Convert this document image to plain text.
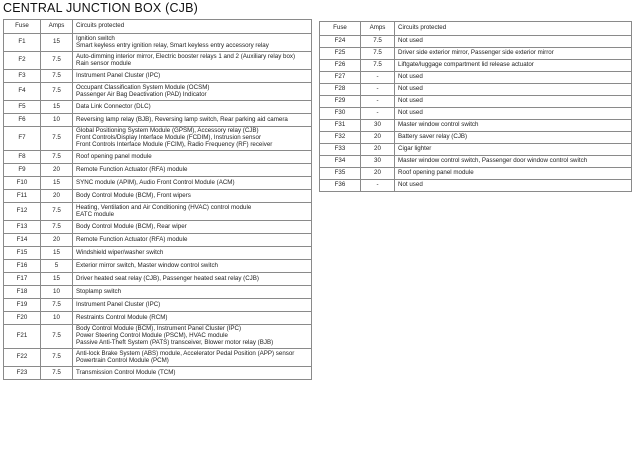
CENTRAL JUNCTION BOX (CJB)
Fuse	Amps	Circuits protected
F1	15	Ignition switch
Smart keyless entry ignition relay, Smart keyless entry accessory relay

F2	7.5	Auto-dimming interior mirror, Electric booster relays 1 and 2 (Auxiliary relay box)
Rain sensor module

F3	7.5	Instrument Panel Cluster (IPC)

F4	7.5	Occupant Classification System Module (OCSM)
Passenger Air Bag Deactivation (PAD) Indicator

F5	15	Data Link Connector (DLC)

F6	10	Reversing lamp relay (BJB), Reversing lamp switch, Rear parking aid camera

F7	7.5	Global Positioning System Module (GPSM), Accessory relay (CJB)
Front Controls/Display Interface Module (FCDIM), Instrusion sensor
Front Controls Interface Module (FCIM), Radio Frequency (RF) receiver

F8	7.5	Roof opening panel module

F9	20	Remote Function Actuator (RFA) module

F10	15	SYNC module (APIM), Audio Front Control Module (ACM)

F11	20	Body Control Module (BCM), Front wipers

F12	7.5	Heating, Ventilation and Air Conditioning (HVAC) control module
EATC module

F13	7.5	Body Control Module (BCM), Rear wiper

F14	20	Remote Function Actuator (RFA) module

F15	15	Windshield wiper/washer switch

F16	5	Exterior mirror switch, Master window control switch

F17	15	Driver heated seat relay (CJB), Passenger heated seat relay (CJB)

F18	10	Stoplamp switch

F19	7.5	Instrument Panel Cluster (IPC)

F20	10	Restraints Control Module (RCM)

F21	7.5	Body Control Module (BCM), Instrument Panel Cluster (IPC)
Power Steering Control Module (PSCM), HVAC module
Passive Anti-Theft System (PATS) transceiver, Blower motor relay (BJB)

F22	7.5	Anti-lock Brake System (ABS) module, Accelerator Pedal Position (APP) sensor
Powertrain Control Module (PCM)

F23	7.5	Transmission Control Module (TCM)
Fuse	Amps	Circuits protected
F24	7.5	Not used

F25	7.5	Driver side exterior mirror, Passenger side exterior mirror

F26	7.5	Liftgate/luggage compartment lid release actuator

F27	-	Not used

F28	-	Not used

F29	-	Not used

F30	-	Not used

F31	30	Master window control switch

F32	20	Battery saver relay (CJB)

F33	20	Cigar lighter

F34	30	Master window control switch, Passenger door window control switch

F35	20	Roof opening panel module

F36	-	Not used
